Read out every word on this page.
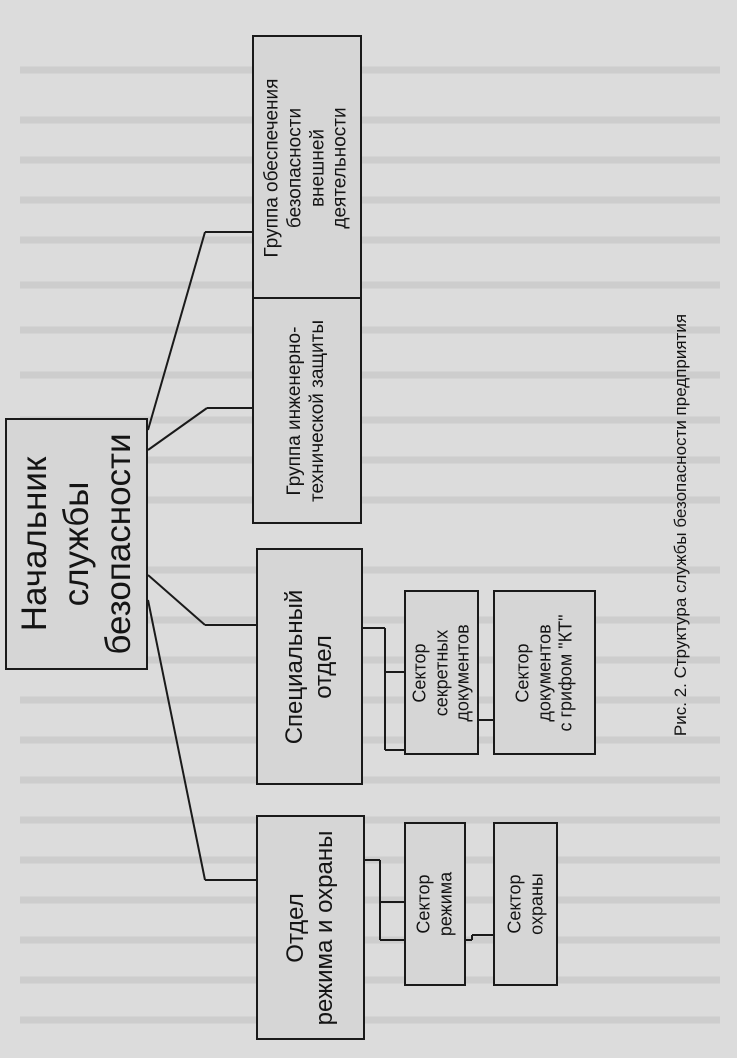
Начальник
службы
безопасности
Группа обеспечения
безопасности
внешней
деятельности
Группа инженерно-
технической защиты
Специальный
отдел
Отдел
режима и охраны
Сектор
секретных
документов Сектор
документов
с грифом "КТ"
Сектор
режима	Сектор
охраны
Рис. 2. Структура службы безопасности предприятия
